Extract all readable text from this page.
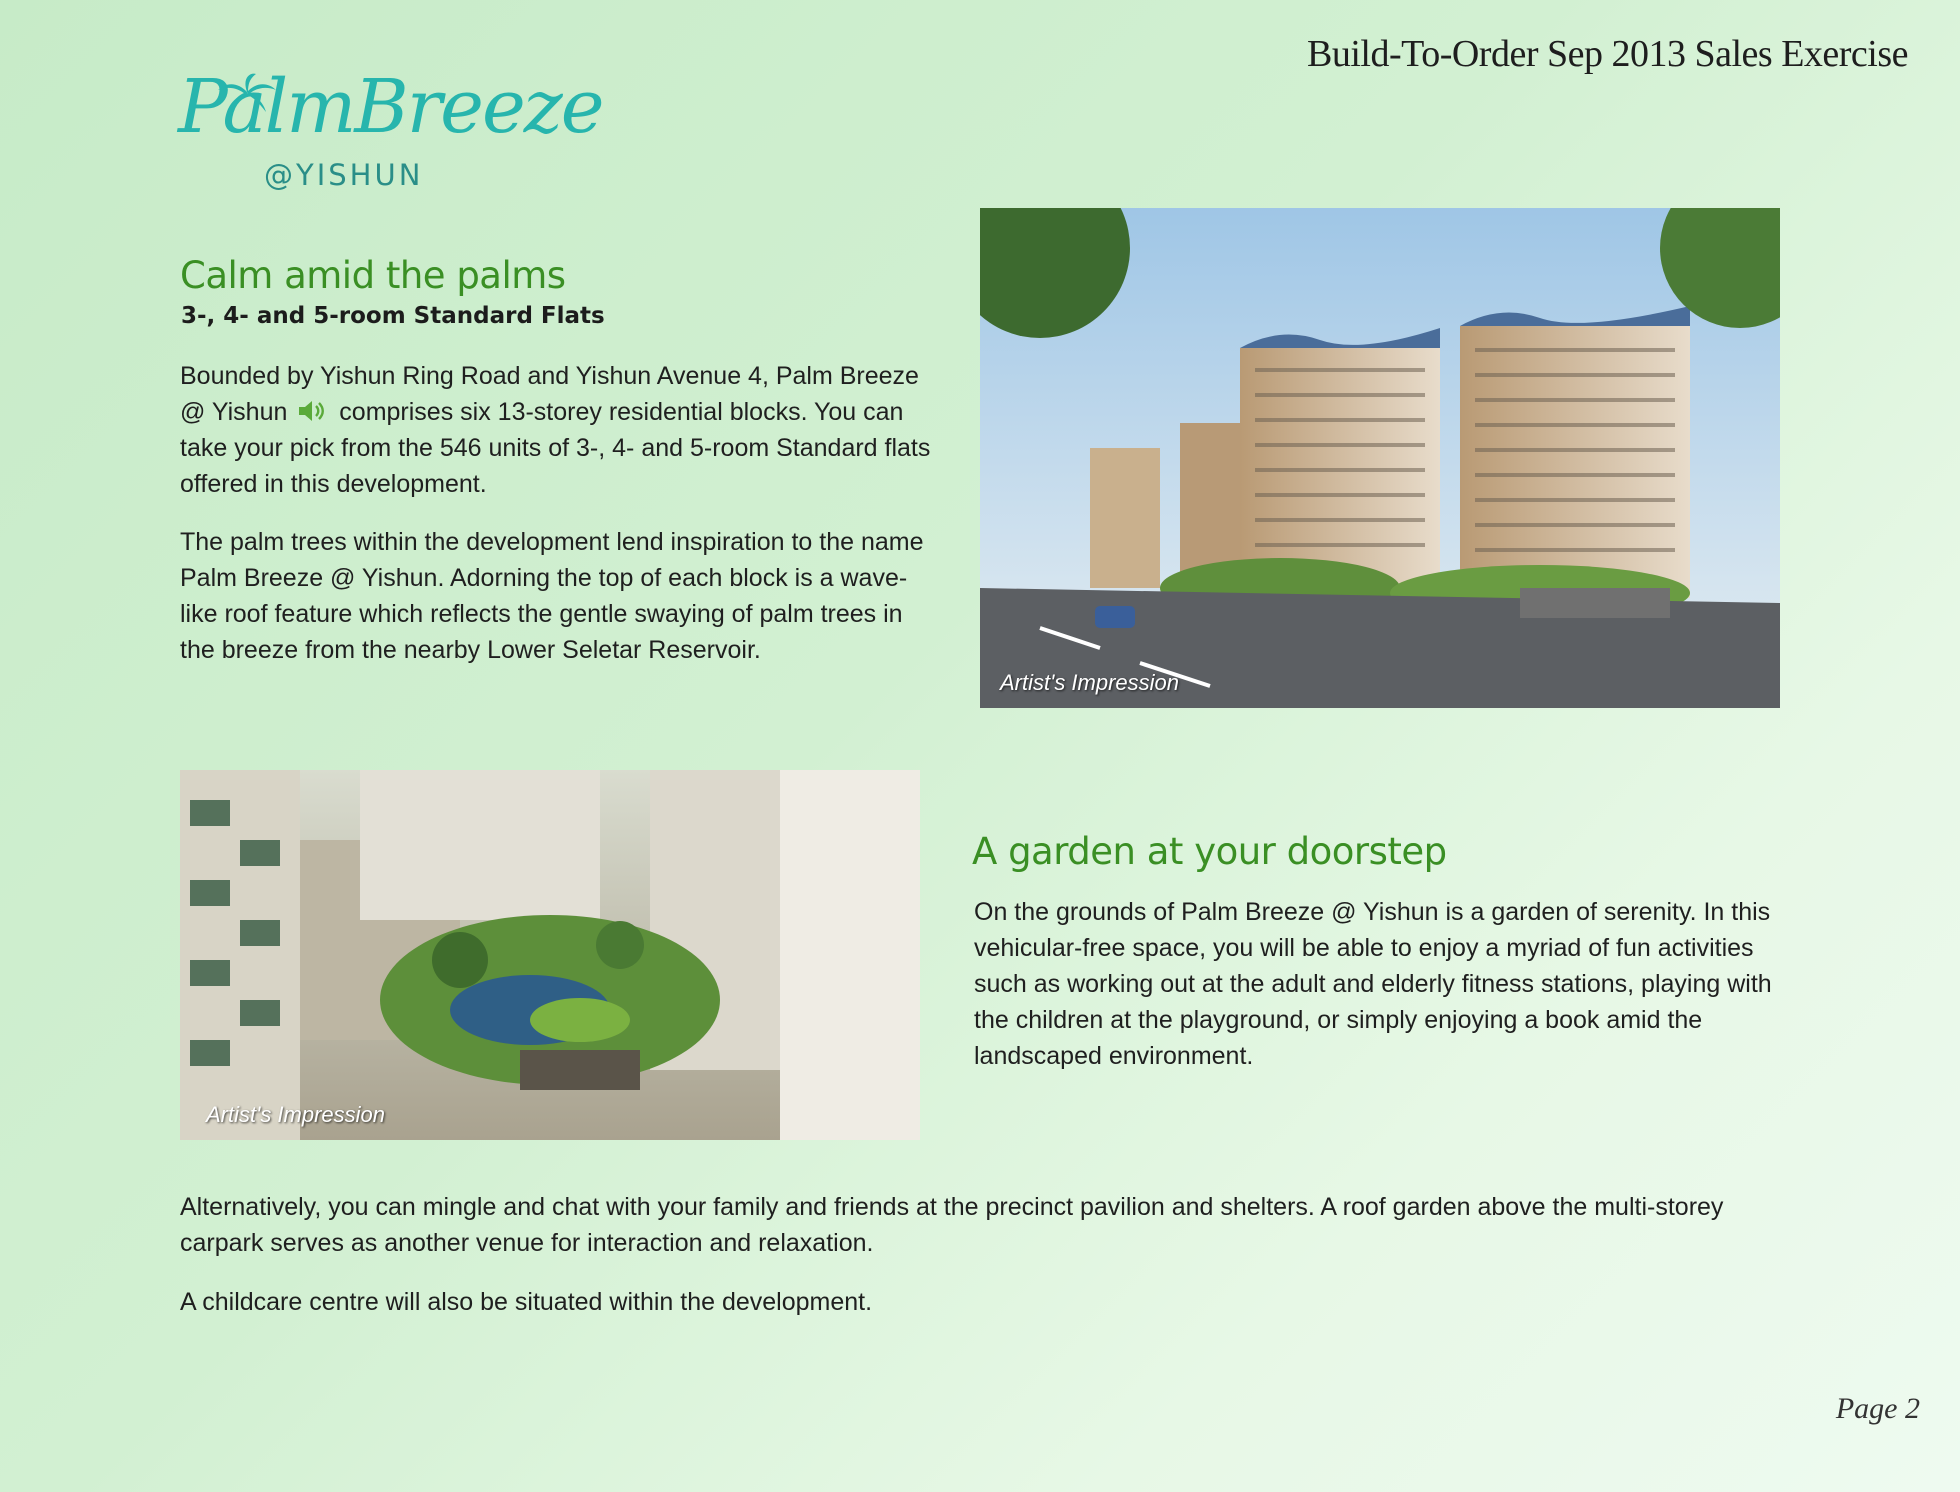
Build-To-Order Sep 2013 Sales Exercise
PalmBreeze
@YISHUN
Calm amid the palms
3-, 4- and 5-room Standard Flats

Bounded by Yishun Ring Road and Yishun Avenue 4, Palm Breeze @ Yishun  comprises six 13-storey residential blocks. You can take your pick from the 546 units of 3-, 4- and 5-room Standard flats offered in this development.

The palm trees within the development lend inspiration to the name Palm Breeze @ Yishun. Adorning the top of each block is a wave-like roof feature which reflects the gentle swaying of palm trees in the breeze from the nearby Lower Seletar Reservoir.

Artist's Impression
Artist's Impression
A garden at your doorstep

On the grounds of Palm Breeze @ Yishun is a garden of serenity. In this vehicular-free space, you will be able to enjoy a myriad of fun activities such as working out at the adult and elderly fitness stations, playing with the children at the playground, or simply enjoying a book amid the landscaped environment.

Alternatively, you can mingle and chat with your family and friends at the precinct pavilion and shelters. A roof garden above the multi-storey carpark serves as another venue for interaction and relaxation.

A childcare centre will also be situated within the development.

Page 2
